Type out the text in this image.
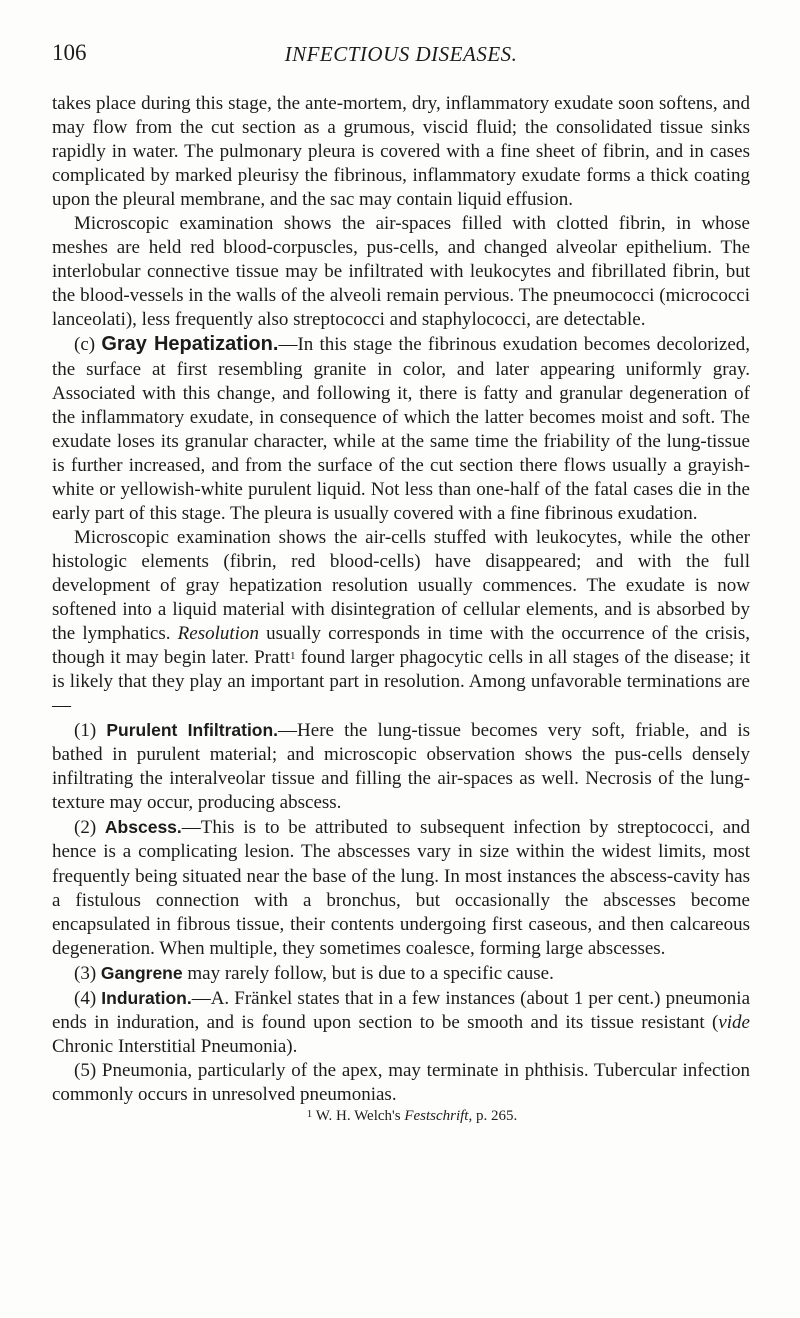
106	INFECTIOUS DISEASES.

takes place during this stage, the ante-mortem, dry, inflammatory exudate soon softens, and may flow from the cut section as a grumous, viscid fluid; the consolidated tissue sinks rapidly in water. The pulmonary pleura is covered with a fine sheet of fibrin, and in cases complicated by marked pleurisy the fibrinous, inflammatory exudate forms a thick coating upon the pleural membrane, and the sac may contain liquid effusion.

Microscopic examination shows the air-spaces filled with clotted fibrin, in whose meshes are held red blood-corpuscles, pus-cells, and changed alveolar epithelium. The interlobular connective tissue may be infiltrated with leukocytes and fibrillated fibrin, but the blood-vessels in the walls of the alveoli remain pervious. The pneumococci (micrococci lanceolati), less frequently also streptococci and staphylococci, are detectable.

(c) Gray Hepatization.—In this stage the fibrinous exudation becomes decolorized, the surface at first resembling granite in color, and later appearing uniformly gray. Associated with this change, and following it, there is fatty and granular degeneration of the inflammatory exudate, in consequence of which the latter becomes moist and soft. The exudate loses its granular character, while at the same time the friability of the lung-tissue is further increased, and from the surface of the cut section there flows usually a grayish-white or yellowish-white purulent liquid. Not less than one-half of the fatal cases die in the early part of this stage. The pleura is usually covered with a fine fibrinous exudation.

Microscopic examination shows the air-cells stuffed with leukocytes, while the other histologic elements (fibrin, red blood-cells) have disappeared; and with the full development of gray hepatization resolution usually commences. The exudate is now softened into a liquid material with disintegration of cellular elements, and is absorbed by the lymphatics. Resolution usually corresponds in time with the occurrence of the crisis, though it may begin later. Pratt$^1$ found larger phagocytic cells in all stages of the disease; it is likely that they play an important part in resolution. Among unfavorable terminations are—

(1) Purulent Infiltration.—Here the lung-tissue becomes very soft, friable, and is bathed in purulent material; and microscopic observation shows the pus-cells densely infiltrating the interalveolar tissue and filling the air-spaces as well. Necrosis of the lung-texture may occur, producing abscess.

(2) Abscess.—This is to be attributed to subsequent infection by streptococci, and hence is a complicating lesion. The abscesses vary in size within the widest limits, most frequently being situated near the base of the lung. In most instances the abscess-cavity has a fistulous connection with a bronchus, but occasionally the abscesses become encapsulated in fibrous tissue, their contents undergoing first caseous, and then calcareous degeneration. When multiple, they sometimes coalesce, forming large abscesses.

(3) Gangrene may rarely follow, but is due to a specific cause.

(4) Induration.—A. Fränkel states that in a few instances (about 1 per cent.) pneumonia ends in induration, and is found upon section to be smooth and its tissue resistant (vide Chronic Interstitial Pneumonia).

(5) Pneumonia, particularly of the apex, may terminate in phthisis. Tubercular infection commonly occurs in unresolved pneumonias.

$^1$ W. H. Welch's Festschrift, p. 265.
